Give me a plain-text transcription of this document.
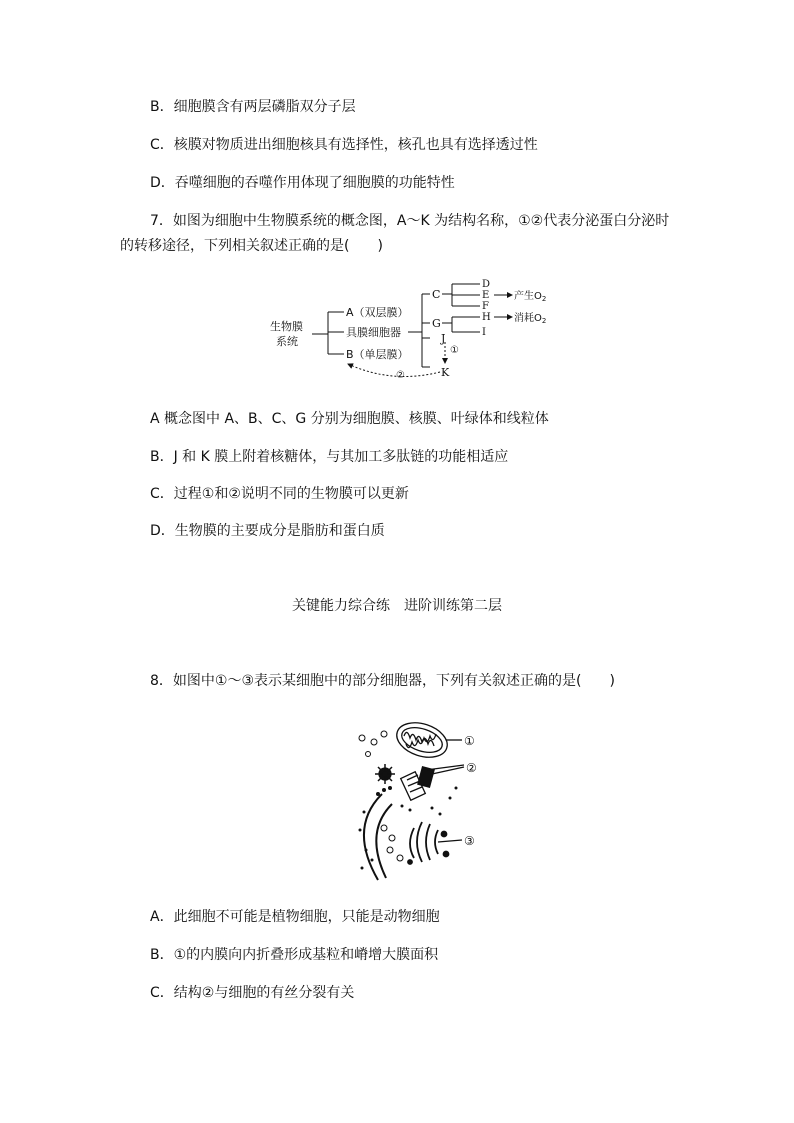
B．细胞膜含有两层磷脂双分子层
C．核膜对物质进出细胞核具有选择性，核孔也具有选择透过性
D．吞噬细胞的吞噬作用体现了细胞膜的功能特性
7．如图为细胞中生物膜系统的概念图，A～K 为结构名称，①②代表分泌蛋白分泌时
的转移途径，下列相关叙述正确的是(　　)
生物膜
系统
A（双层膜）
具膜细胞器
B（单层膜）
C
G
J
K
D
E
F
H
I
产生$O_2$
消耗$O_2$
①
②
A 概念图中 A、B、C、G 分别为细胞膜、核膜、叶绿体和线粒体
B．J 和 K 膜上附着核糖体，与其加工多肽链的功能相适应
C．过程①和②说明不同的生物膜可以更新
D．生物膜的主要成分是脂肪和蛋白质
关键能力综合练　进阶训练第二层
8．如图中①～③表示某细胞中的部分细胞器，下列有关叙述正确的是(　　)
①
②
③
A．此细胞不可能是植物细胞，只能是动物细胞
B．①的内膜向内折叠形成基粒和嵴增大膜面积
C．结构②与细胞的有丝分裂有关
